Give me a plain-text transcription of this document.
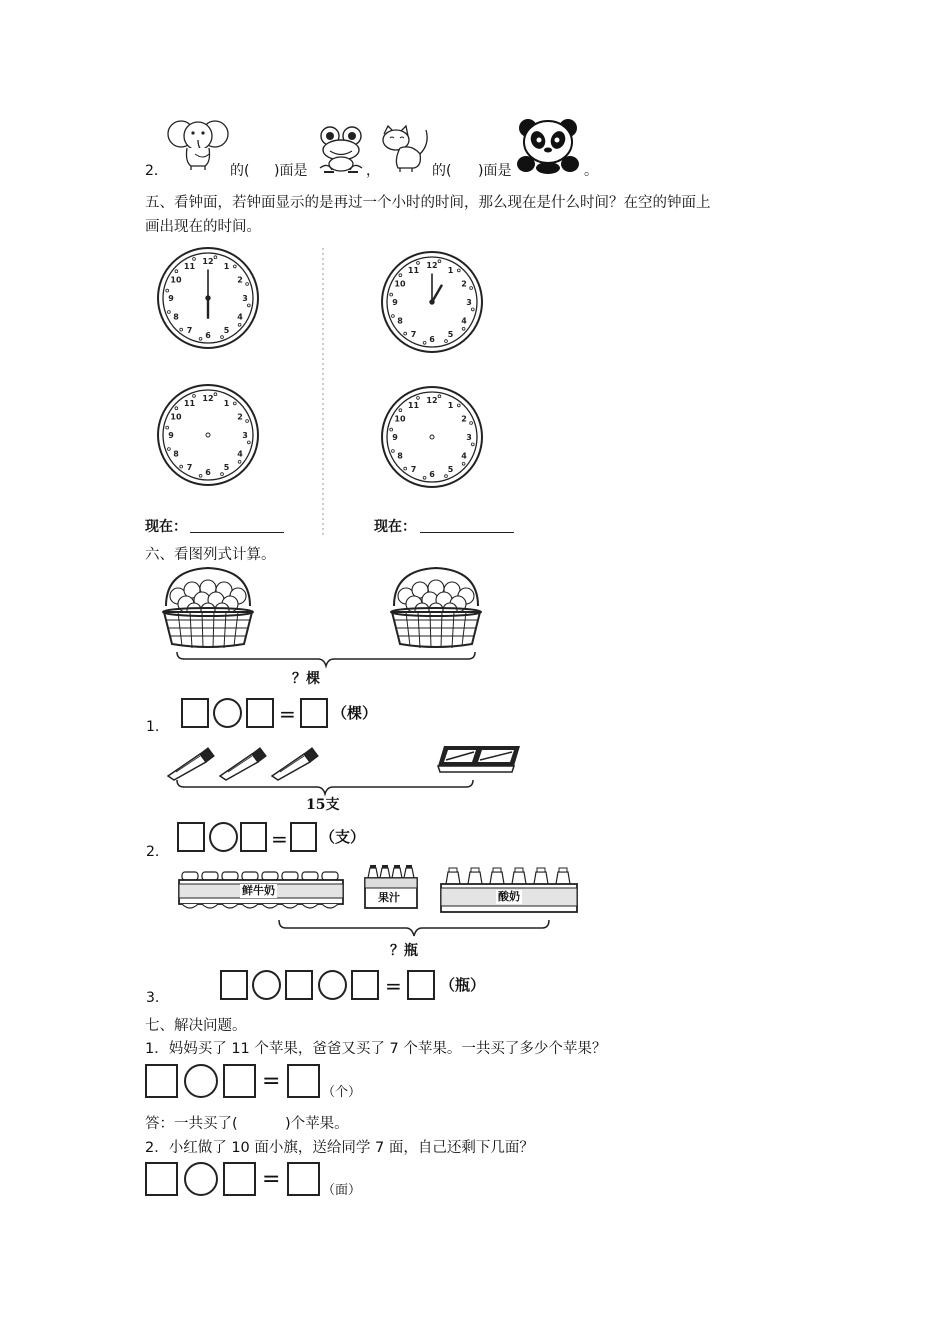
2．	的( )面是	，	的( )面是	。
五、看钟面，若钟面显示的是再过一个小时的时间，那么现在是什么时间？在空的钟面上
画出现在的时间。
12
1
2
3
4
5
6
7
8
9
10
11	12
1
2
3
4
5
6
7
8
9
10
11
12
1
2
3
4
5
6
7
8
9
10
11	12
1
2
3
4
5
6
7
8
9
10
11
现在：	现在：
六、看图列式计算。
？棵
1.
= （棵）
15支
2.
= （支）
鲜牛奶
果汁	酸奶
？瓶
3.	=	（瓶）
七、解决问题。
1．妈妈买了 11 个苹果，爸爸又买了 7 个苹果。一共买了多少个苹果？
=	（个）
答：一共买了(	)个苹果。
2．小红做了 10 面小旗，送给同学 7 面，自己还剩下几面？
=	（面）
